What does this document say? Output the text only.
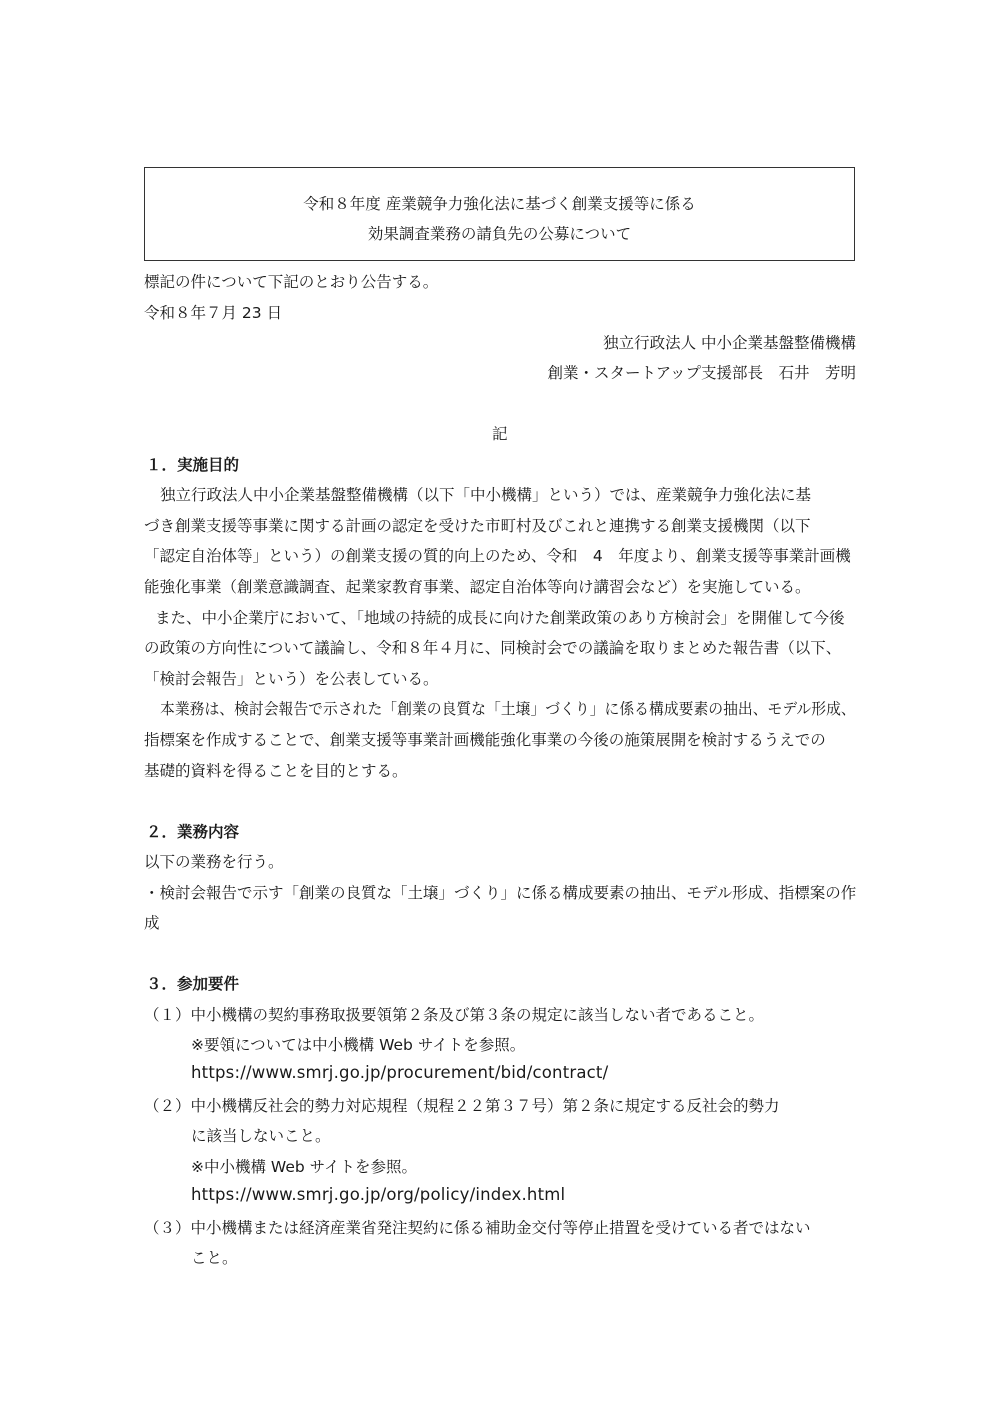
令和８年度 産業競争力強化法に基づく創業支援等に係る
効果調査業務の請負先の公募について
標記の件について下記のとおり公告する。
令和８年７月 23 日
独立行政法人 中小企業基盤整備機構
創業・スタートアップ支援部長　石井　芳明
記
１．実施目的
独立行政法人中小企業基盤整備機構（以下「中小機構」という）では、産業競争力強化法に基
づき創業支援等事業に関する計画の認定を受けた市町村及びこれと連携する創業支援機関（以下
「認定自治体等」という）の創業支援の質的向上のため、令和　4　年度より、創業支援等事業計画機
能強化事業（創業意識調査、起業家教育事業、認定自治体等向け講習会など）を実施している。
また、中小企業庁において、「地域の持続的成長に向けた創業政策のあり方検討会」を開催して今後
の政策の方向性について議論し、令和８年４月に、同検討会での議論を取りまとめた報告書（以下、
「検討会報告」という）を公表している。
本業務は、検討会報告で示された「創業の良質な「土壌」づくり」に係る構成要素の抽出、モデル形成、
指標案を作成することで、創業支援等事業計画機能強化事業の今後の施策展開を検討するうえでの
基礎的資料を得ることを目的とする。
２．業務内容
以下の業務を行う。
・検討会報告で示す「創業の良質な「土壌」づくり」に係る構成要素の抽出、モデル形成、指標案の作
成
３．参加要件
（１）中小機構の契約事務取扱要領第２条及び第３条の規定に該当しない者であること。
※要領については中小機構 Web サイトを参照。
https://www.smrj.go.jp/procurement/bid/contract/
（２）中小機構反社会的勢力対応規程（規程２２第３７号）第２条に規定する反社会的勢力
に該当しないこと。
※中小機構 Web サイトを参照。
https://www.smrj.go.jp/org/policy/index.html
（３）中小機構または経済産業省発注契約に係る補助金交付等停止措置を受けている者ではない
こと。
